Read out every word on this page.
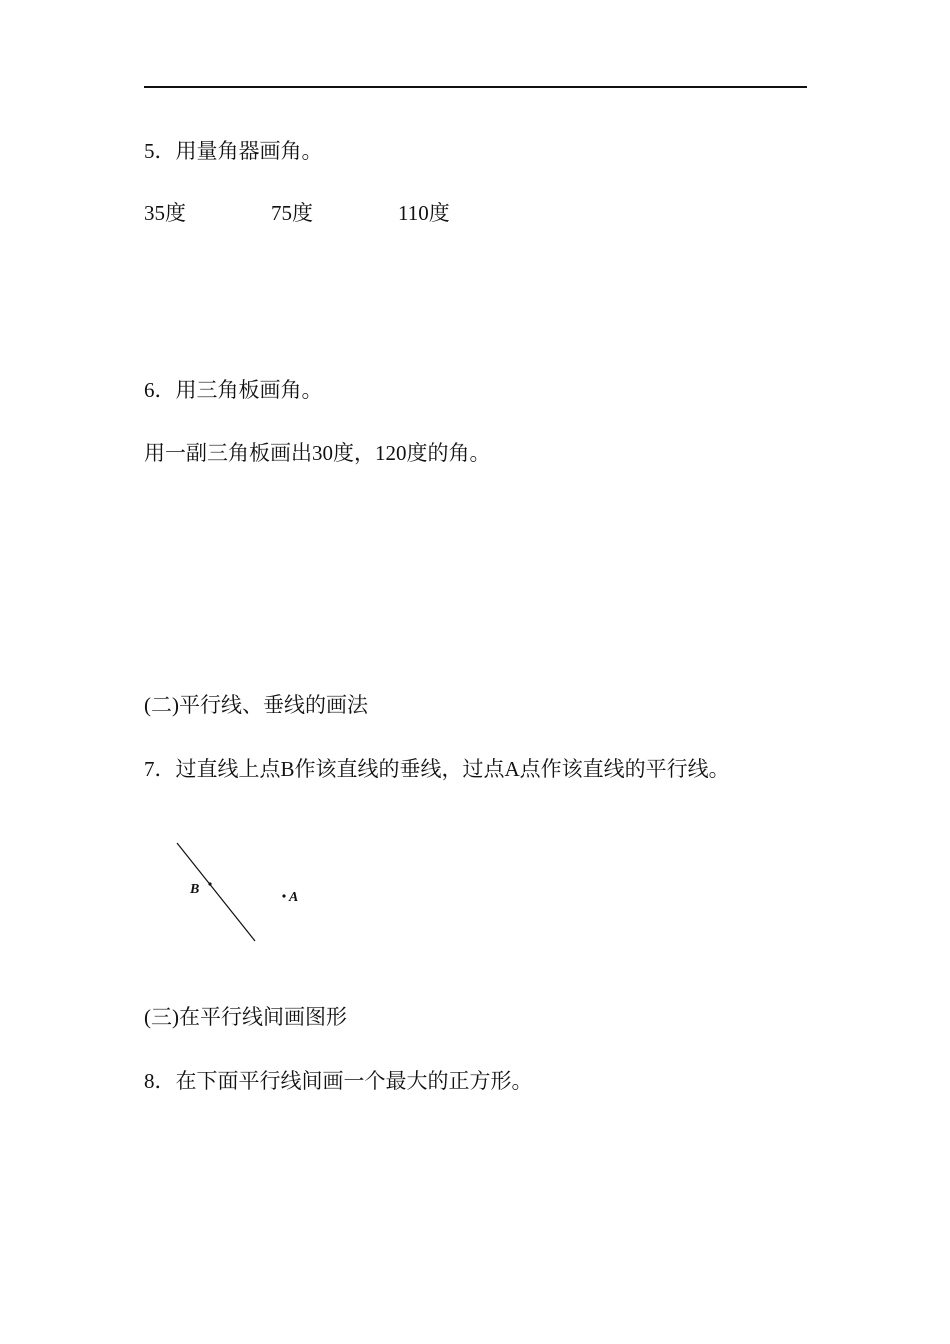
5．用量角器画角。
35度	75度	110度
6．用三角板画角。
用一副三角板画出30度，120度的角。
(二)平行线、垂线的画法
7．过直线上点B作该直线的垂线，过点A点作该直线的平行线。
B
A
(三)在平行线间画图形
8．在下面平行线间画一个最大的正方形。
